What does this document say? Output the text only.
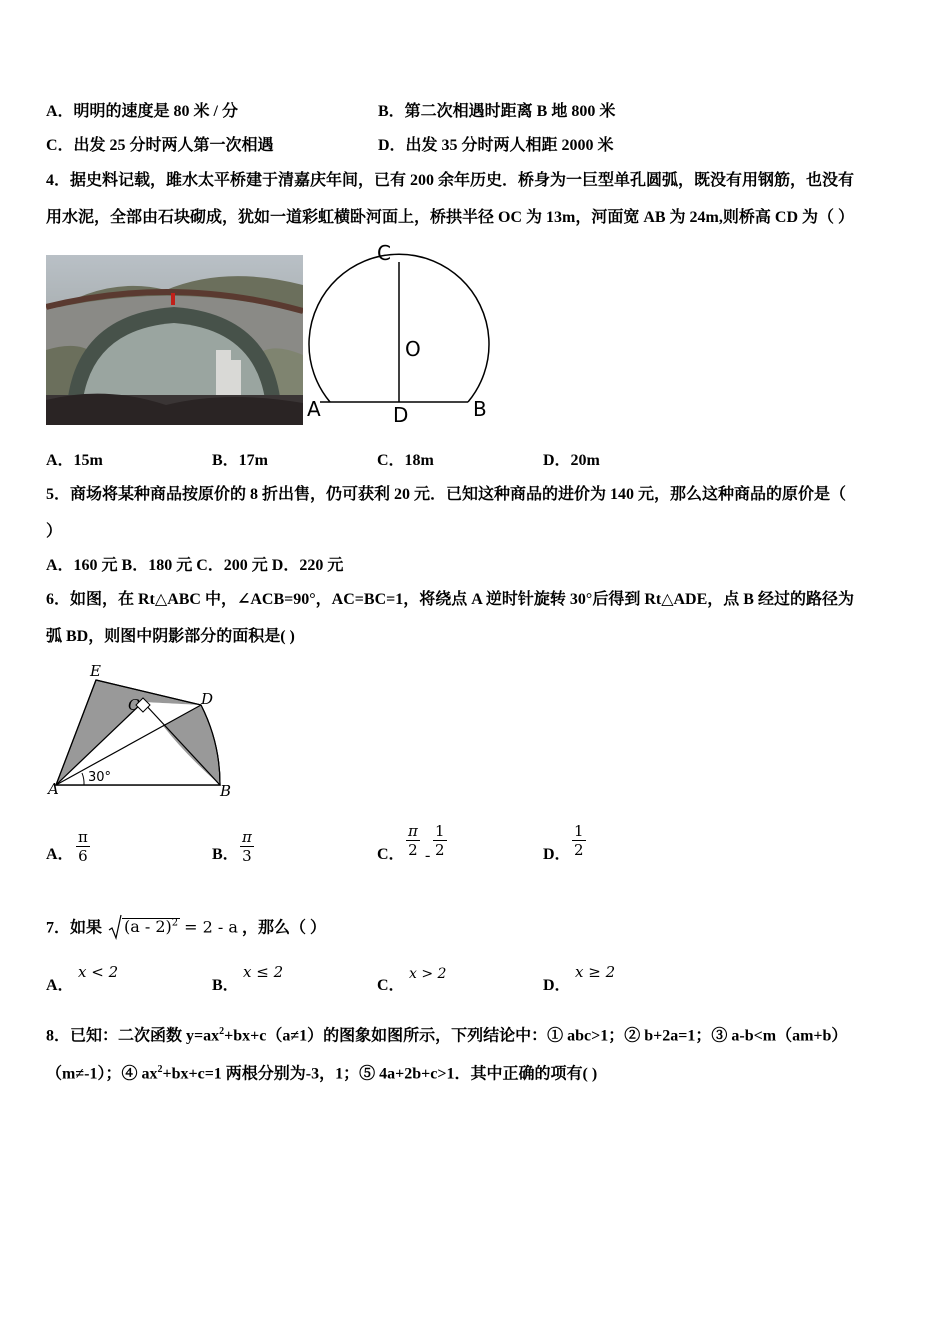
A．明明的速度是 80 米 / 分	B．第二次相遇时距离 B 地 800 米
C．出发 25 分时两人第一次相遇	D．出发 35 分时两人相距 2000 米
4．据史料记载，雎水太平桥建于清嘉庆年间，已有 200 余年历史．桥身为一巨型单孔圆弧，既没有用钢筋，也没有
用水泥，全部由石块砌成，犹如一道彩虹横卧河面上，桥拱半径 OC 为 13m，河面宽 AB 为 24m,则桥高 CD 为（ ）
C
O
A	D	B
A．15m	B．17m	C．18m	D．20m
5．商场将某种商品按原价的 8 折出售，仍可获利 20 元．已知这种商品的进价为 140 元，那么这种商品的原价是（
）
A．160 元 B．180 元 C．200 元 D．220 元
6．如图，在 Rt△ABC 中，∠ACB=90°，AC=BC=1，将绕点 A 逆时针旋转 30°后得到 Rt△ADE，点 B 经过的路径为
弧 BD，则图中阴影部分的面积是( )
E
C	D
A	B
30°
A． $\frac{\pi}{6}$	B． $\frac{\pi}{3}$	C． $\frac{\pi}{2} - \frac{1}{2}$	D． $\frac{1}{2}$
7．如果 (a - 2)$^2$ = 2 - a ，那么（ ）
A．
x < 2
B．
x ≤ 2
C．
x > 2
D．
x ≥ 2
8．已知：二次函数 $y=ax^2+bx+c(a\ne 1)$的图象如图所示，下列结论中：① abc>1；② b+2a=1；③ a-b<m（am+b）
（m≠-1）；④ $ax^2+bx+c=1$ 两根分别为-3，1；⑤ 4a+2b+c>1．其中正确的项有( )
